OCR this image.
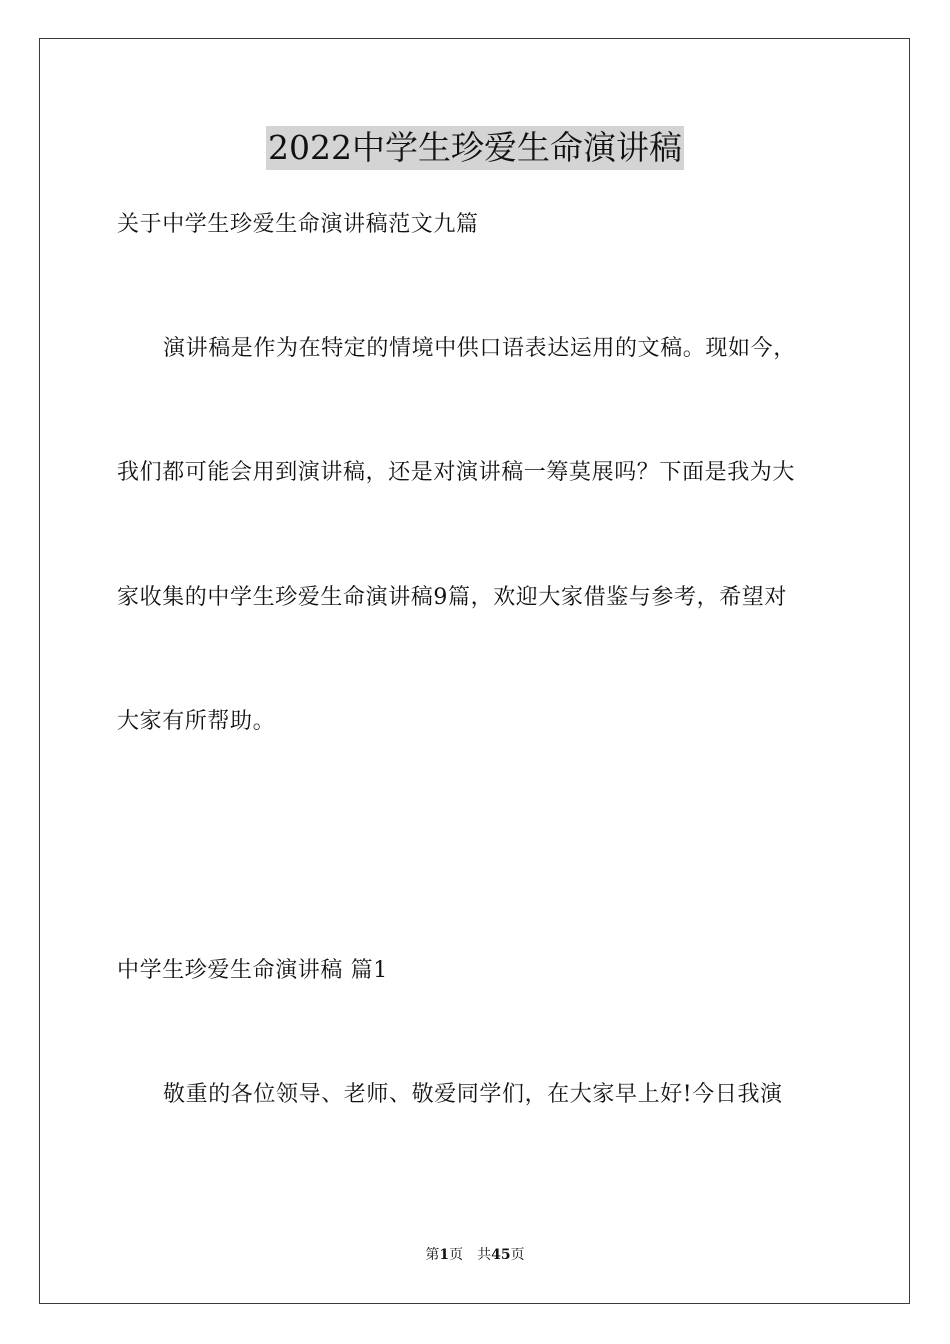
2022中学生珍爱生命演讲稿
关于中学生珍爱生命演讲稿范文九篇
演讲稿是作为在特定的情境中供口语表达运用的文稿。现如今，
我们都可能会用到演讲稿，还是对演讲稿一筹莫展吗？下面是我为大
家收集的中学生珍爱生命演讲稿9篇，欢迎大家借鉴与参考，希望对
大家有所帮助。
中学生珍爱生命演讲稿 篇1
敬重的各位领导、老师、敬爱同学们，在大家早上好!今日我演
第1页 共45页
